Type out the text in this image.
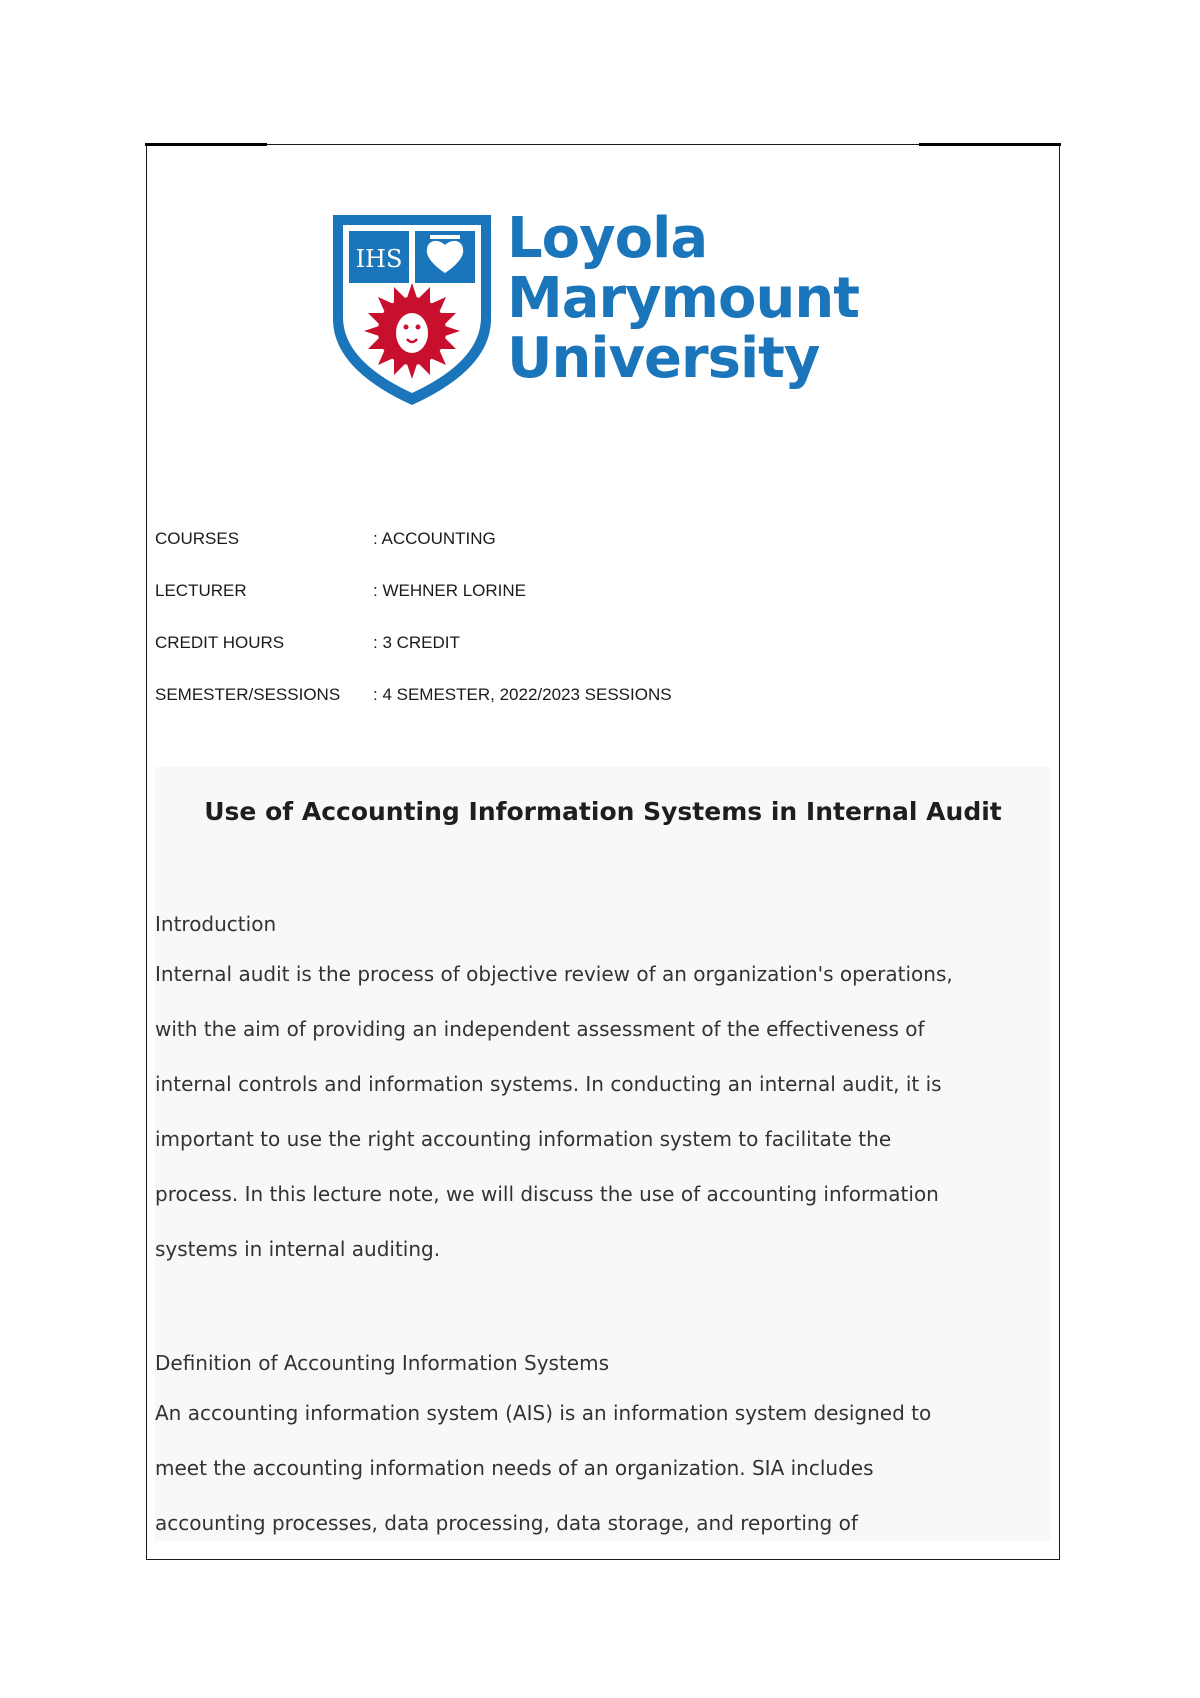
IHS Loyola
Marymount
University
COURSES	: ACCOUNTING
LECTURER	: WEHNER LORINE
CREDIT HOURS	: 3 CREDIT
SEMESTER/SESSIONS	: 4 SEMESTER, 2022/2023 SESSIONS
Use of Accounting Information Systems in Internal Audit
Introduction
Internal audit is the process of objective review of an organization's operations,
with the aim of providing an independent assessment of the effectiveness of
internal controls and information systems. In conducting an internal audit, it is
important to use the right accounting information system to facilitate the
process. In this lecture note, we will discuss the use of accounting information
systems in internal auditing.
Definition of Accounting Information Systems
An accounting information system (AIS) is an information system designed to
meet the accounting information needs of an organization. SIA includes
accounting processes, data processing, data storage, and reporting of
